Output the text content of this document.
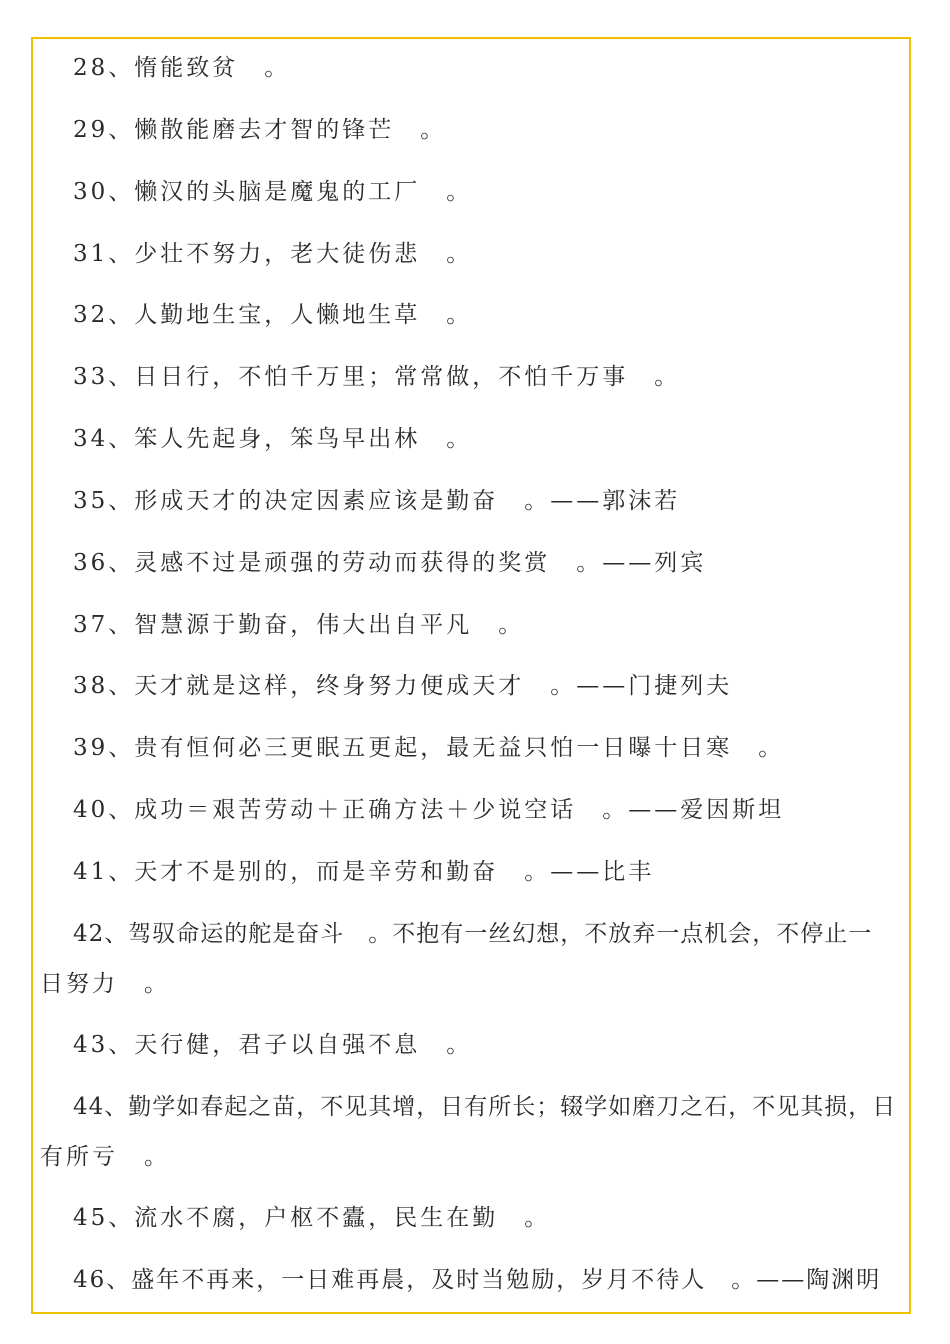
28、惰能致贫　。
29、懒散能磨去才智的锋芒　。
30、懒汉的头脑是魔鬼的工厂　。
31、少壮不努力，老大徒伤悲　。
32、人勤地生宝，人懒地生草　。
33、日日行，不怕千万里；常常做，不怕千万事　。
34、笨人先起身，笨鸟早出林　。
35、形成天才的决定因素应该是勤奋　。——郭沫若
36、灵感不过是顽强的劳动而获得的奖赏　。——列宾
37、智慧源于勤奋，伟大出自平凡　。
38、天才就是这样，终身努力便成天才　。——门捷列夫
39、贵有恒何必三更眠五更起，最无益只怕一日曝十日寒　。
40、成功＝艰苦劳动＋正确方法＋少说空话　。——爱因斯坦
41、天才不是别的，而是辛劳和勤奋　。——比丰
42、驾驭命运的舵是奋斗　。不抱有一丝幻想，不放弃一点机会，不停止一
日努力　。
43、天行健，君子以自强不息　。
44、勤学如春起之苗，不见其增，日有所长；辍学如磨刀之石，不见其损，日
有所亏　。
45、流水不腐，户枢不蠹，民生在勤　。
46、盛年不再来，一日难再晨，及时当勉励，岁月不待人　。——陶渊明
